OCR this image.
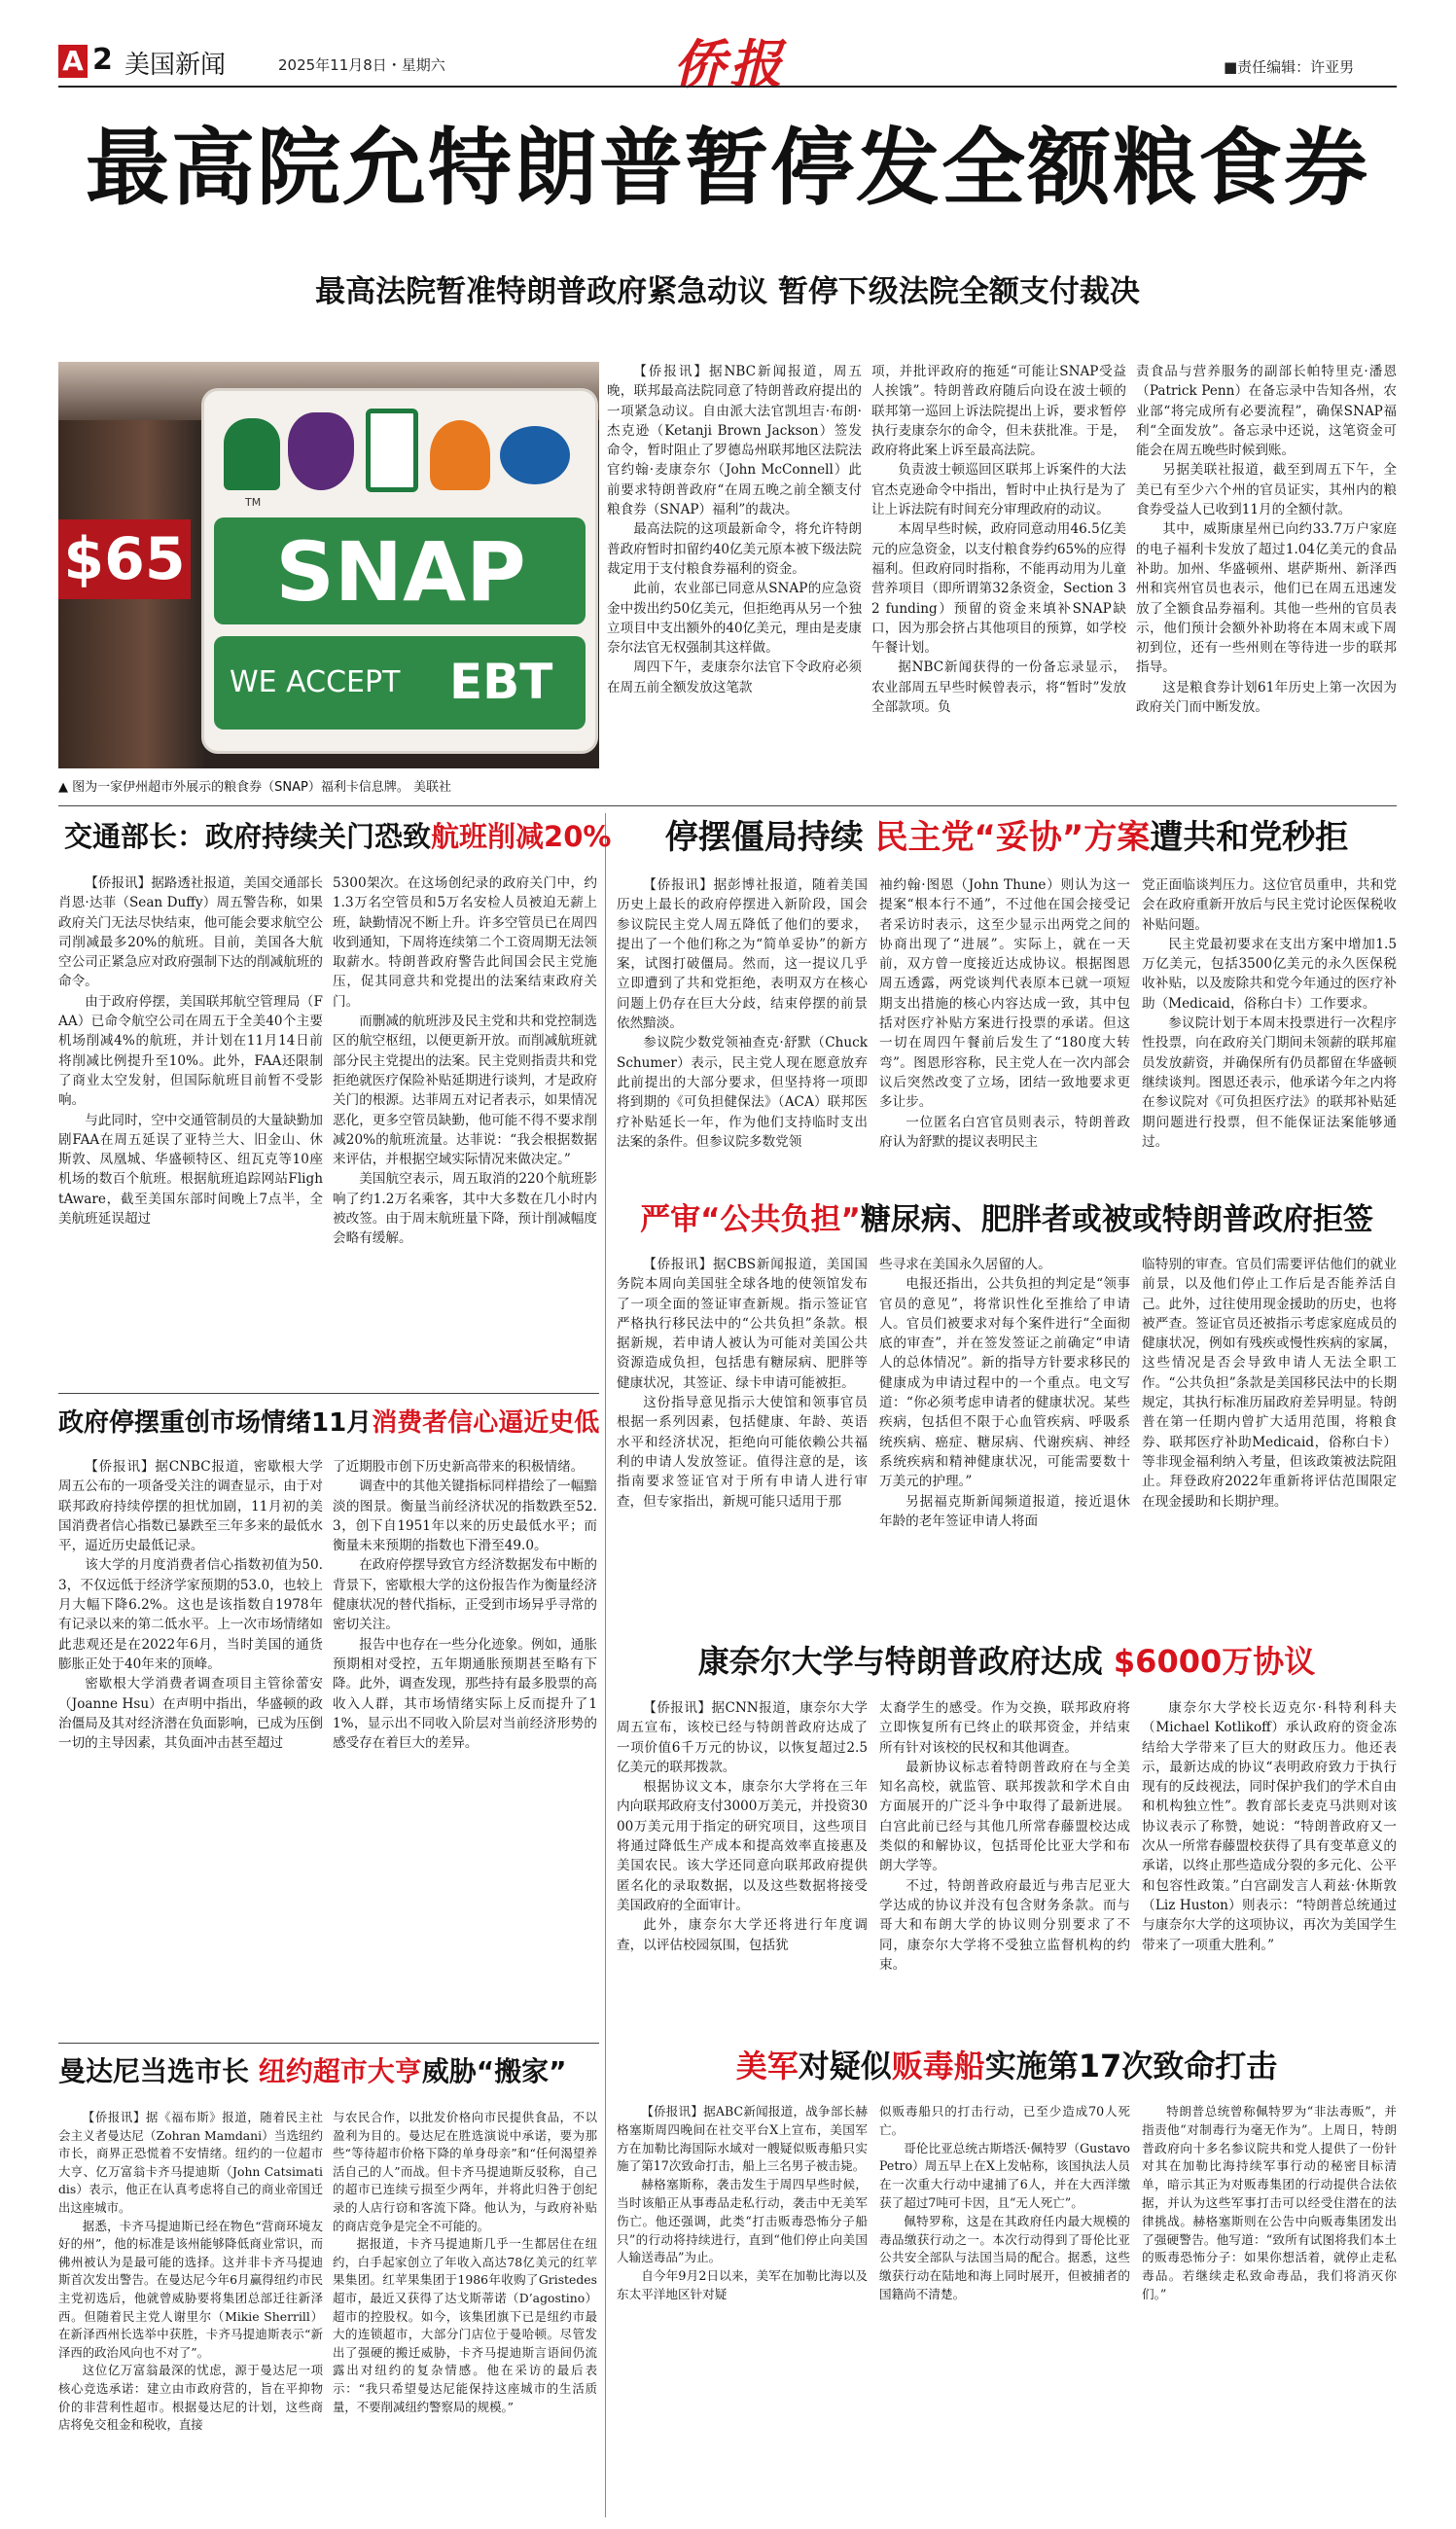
A 2 美国新闻	2025年11月8日・星期六	侨报	■责任编辑：许亚男
最高院允特朗普暂停发全额粮食券
最高法院暂准特朗普政府紧急动议 暂停下级法院全额支付裁决
$65
TM
SNAP
WE ACCEPT EBT
▲ 图为一家伊州超市外展示的粮食券（SNAP）福利卡信息牌。 美联社

【侨报讯】据NBC新闻报道，周五晚，联邦最高法院同意了特朗普政府提出的一项紧急动议。自由派大法官凯坦吉·布朗·杰克逊（Ketanji Brown Jackson）签发命令，暂时阻止了罗德岛州联邦地区法院法官约翰·麦康奈尔（John McConnell）此前要求特朗普政府“在周五晚之前全额支付粮食券（SNAP）福利”的裁决。

最高法院的这项最新命令，将允许特朗普政府暂时扣留约40亿美元原本被下级法院裁定用于支付粮食券福利的资金。

此前，农业部已同意从SNAP的应急资金中拨出约50亿美元，但拒绝再从另一个独立项目中支出额外的40亿美元，理由是麦康奈尔法官无权强制其这样做。

周四下午，麦康奈尔法官下令政府必须在周五前全额发放这笔款

项，并批评政府的拖延“可能让SNAP受益人挨饿”。特朗普政府随后向设在波士顿的联邦第一巡回上诉法院提出上诉，要求暂停执行麦康奈尔的命令，但未获批准。于是，政府将此案上诉至最高法院。

负责波士顿巡回区联邦上诉案件的大法官杰克逊命令中指出，暂时中止执行是为了让上诉法院有时间充分审理政府的动议。

本周早些时候，政府同意动用46.5亿美元的应急资金，以支付粮食券约65%的应得福利。但政府同时指称，不能再动用为儿童营养项目（即所谓第32条资金，Section 32 funding）预留的资金来填补SNAP缺口，因为那会挤占其他项目的预算，如学校午餐计划。

据NBC新闻获得的一份备忘录显示，农业部周五早些时候曾表示，将“暂时”发放全部款项。负

责食品与营养服务的副部长帕特里克·潘恩（Patrick Penn）在备忘录中告知各州，农业部“将完成所有必要流程”，确保SNAP福利“全面发放”。备忘录中还说，这笔资金可能会在周五晚些时候到账。

另据美联社报道，截至到周五下午，全美已有至少六个州的官员证实，其州内的粮食券受益人已收到11月的全额付款。

其中，威斯康星州已向约33.7万户家庭的电子福利卡发放了超过1.04亿美元的食品补助。加州、华盛顿州、堪萨斯州、新泽西州和宾州官员也表示，他们已在周五迅速发放了全额食品券福利。其他一些州的官员表示，他们预计会额外补助将在本周末或下周初到位，还有一些州则在等待进一步的联邦指导。

这是粮食券计划61年历史上第一次因为政府关门而中断发放。

交通部长：政府持续关门恐致航班削减20%

【侨报讯】据路透社报道，美国交通部长肖恩·达菲（Sean Duffy）周五警告称，如果政府关门无法尽快结束，他可能会要求航空公司削减最多20%的航班。目前，美国各大航空公司正紧急应对政府强制下达的削减航班的命令。

由于政府停摆，美国联邦航空管理局（FAA）已命令航空公司在周五于全美40个主要机场削减4%的航班，并计划在11月14日前将削减比例提升至10%。此外，FAA还限制了商业太空发射，但国际航班目前暂不受影响。

与此同时，空中交通管制员的大量缺勤加剧FAA在周五延误了亚特兰大、旧金山、休斯敦、凤凰城、华盛顿特区、纽瓦克等10座机场的数百个航班。根据航班追踪网站FlightAware，截至美国东部时间晚上7点半，全美航班延误超过

5300架次。在这场创纪录的政府关门中，约1.3万名空管员和5万名安检人员被迫无薪上班，缺勤情况不断上升。许多空管员已在周四收到通知，下周将连续第二个工资周期无法领取薪水。特朗普政府警告此间国会民主党施压，促其同意共和党提出的法案结束政府关门。

而删减的航班涉及民主党和共和党控制选区的航空枢纽，以便更新开放。而削减航班就部分民主党提出的法案。民主党则指责共和党拒绝就医疗保险补贴延期进行谈判，才是政府关门的根源。达菲周五对记者表示，如果情况恶化，更多空管员缺勤，他可能不得不要求削减20%的航班流量。达菲说：“我会根据数据来评估，并根据空域实际情况来做决定。”

美国航空表示，周五取消的220个航班影响了约1.2万名乘客，其中大多数在几小时内被改签。由于周末航班量下降，预计削减幅度会略有缓解。

政府停摆重创市场情绪11月消费者信心逼近史低

【侨报讯】据CNBC报道，密歇根大学周五公布的一项备受关注的调查显示，由于对联邦政府持续停摆的担忧加剧，11月初的美国消费者信心指数已暴跌至三年多来的最低水平，逼近历史最低记录。

该大学的月度消费者信心指数初值为50.3，不仅远低于经济学家预期的53.0，也较上月大幅下降6.2%。这也是该指数自1978年有记录以来的第二低水平。上一次市场情绪如此悲观还是在2022年6月，当时美国的通货膨胀正处于40年来的顶峰。

密歇根大学消费者调查项目主管徐蕾安（Joanne Hsu）在声明中指出，华盛顿的政治僵局及其对经济潜在负面影响，已成为压倒一切的主导因素，其负面冲击甚至超过

了近期股市创下历史新高带来的积极情绪。

调查中的其他关键指标同样措绘了一幅黯淡的图景。衡量当前经济状况的指数跌至52.3，创下自1951年以来的历史最低水平；而衡量未来预期的指数也下滑至49.0。

在政府停摆导致官方经济数据发布中断的背景下，密歇根大学的这份报告作为衡量经济健康状况的替代指标，正受到市场异乎寻常的密切关注。

报告中也存在一些分化迹象。例如，通胀预期相对受控，五年期通胀预期甚至略有下降。此外，调查发现，那些持有最多股票的高收入人群，其市场情绪实际上反而提升了11%，显示出不同收入阶层对当前经济形势的感受存在着巨大的差异。

曼达尼当选市长 纽约超市大亨威胁“搬家”

【侨报讯】据《福布斯》报道，随着民主社会主义者曼达尼（Zohran Mamdani）当选纽约市长，商界正恐慌着不安情绪。纽约的一位超市大亨、亿万富翁卡齐马提迪斯（John Catsimatidis）表示，他正在认真考虑将自己的商业帝国迁出这座城市。

据悉，卡齐马提迪斯已经在物色“营商环境友好的州”，他的标准是该州能够降低商业常识，而佛州被认为是最可能的选择。这并非卡齐马提迪斯首次发出警告。在曼达尼今年6月赢得纽约市民主党初选后，他就曾威胁要将集团总部迁往新泽西。但随着民主党人谢里尔（Mikie Sherrill）在新泽西州长选举中获胜，卡齐马提迪斯表示“新泽西的政治风向也不对了”。

这位亿万富翁最深的忧虑，源于曼达尼一项核心竞选承诺：建立由市政府营的，旨在平抑物价的非营利性超市。根据曼达尼的计划，这些商店将免交租金和税收，直接

与农民合作，以批发价格向市民提供食品，不以盈利为目的。曼达尼在胜选演说中承诺，要为那些“等待超市价格下降的单身母亲”和“任何渴望养活自己的人”而战。但卡齐马提迪斯反驳称，自己的超市已连续亏损至少两年，并将此归咎于创纪录的人店行窃和客流下降。他认为，与政府补贴的商店竞争是完全不可能的。

据报道，卡齐马提迪斯几乎一生都居住在纽约，白手起家创立了年收入高达78亿美元的红苹果集团。红苹果集团于1986年收购了Gristedes超市，最近又获得了达戈斯蒂诺（D’agostino）超市的控股权。如今，该集团旗下已是纽约市最大的连锁超市，大部分门店位于曼哈顿。尽管发出了强硬的搬迁威胁，卡齐马提迪斯言语间仍流露出对纽约的复杂情感。他在采访的最后表示：“我只希望曼达尼能保持这座城市的生活质量，不要削减纽约警察局的规模。”

停摆僵局持续 民主党“妥协”方案遭共和党秒拒

【侨报讯】据彭博社报道，随着美国历史上最长的政府停摆进入新阶段，国会参议院民主党人周五降低了他们的要求，提出了一个他们称之为“简单妥协”的新方案，试图打破僵局。然而，这一提议几乎立即遭到了共和党拒绝，表明双方在核心问题上仍存在巨大分歧，结束停摆的前景依然黯淡。

参议院少数党领袖查克·舒默（Chuck Schumer）表示，民主党人现在愿意放弃此前提出的大部分要求，但坚持将一项即将到期的《可负担健保法》（ACA）联邦医疗补贴延长一年，作为他们支持临时支出法案的条件。但参议院多数党领

袖约翰·图恩（John Thune）则认为这一提案“根本行不通”，不过他在国会接受记者采访时表示，这至少显示出两党之间的协商出现了“进展”。实际上，就在一天前，双方曾一度接近达成协议。根据图恩周五透露，两党谈判代表原本已就一项短期支出措施的核心内容达成一致，其中包括对医疗补贴方案进行投票的承诺。但这一切在周四午餐前后发生了“180度大转弯”。图恩形容称，民主党人在一次内部会议后突然改变了立场，团结一致地要求更多让步。

一位匿名白宫官员则表示，特朗普政府认为舒默的提议表明民主

党正面临谈判压力。这位官员重申，共和党会在政府重新开放后与民主党讨论医保税收补贴问题。

民主党最初要求在支出方案中增加1.5万亿美元，包括3500亿美元的永久医保税收补贴，以及废除共和党今年通过的医疗补助（Medicaid，俗称白卡）工作要求。

参议院计划于本周末投票进行一次程序性投票，向在政府关门期间未领薪的联邦雇员发放薪资，并确保所有仍员都留在华盛顿继续谈判。图恩还表示，他承诺今年之内将在参议院对《可负担医疗法》的联邦补贴延期问题进行投票，但不能保证法案能够通过。

严审“公共负担”糖尿病、肥胖者或被或特朗普政府拒签

【侨报讯】据CBS新闻报道，美国国务院本周向美国驻全球各地的使领馆发布了一项全面的签证审查新规。指示签证官严格执行移民法中的“公共负担”条款。根据新规，若申请人被认为可能对美国公共资源造成负担，包括患有糖尿病、肥胖等健康状况，其签证、绿卡申请可能被拒。

这份指导意见指示大使馆和领事官员根据一系列因素，包括健康、年龄、英语水平和经济状况，拒绝向可能依赖公共福利的申请人发放签证。值得注意的是，该指南要求签证官对于所有申请人进行审查，但专家指出，新规可能只适用于那

些寻求在美国永久居留的人。

电报还指出，公共负担的判定是“领事官员的意见”，将常识性化至推给了申请人。官员们被要求对每个案件进行“全面彻底的审查”，并在签发签证之前确定“申请人的总体情况”。新的指导方针要求移民的健康成为申请过程中的一个重点。电文写道：“你必须考虑申请者的健康状况。某些疾病，包括但不限于心血管疾病、呼吸系统疾病、癌症、糖尿病、代谢疾病、神经系统疾病和精神健康状况，可能需要数十万美元的护理。”

另据福克斯新闻频道报道，接近退休年龄的老年签证申请人将面

临特别的审查。官员们需要评估他们的就业前景，以及他们停止工作后是否能养活自己。此外，过往使用现金援助的历史，也将被严查。签证官员还被指示考虑家庭成员的健康状况，例如有残疾或慢性疾病的家属，这些情况是否会导致申请人无法全职工作。“公共负担”条款是美国移民法中的长期规定，其执行标准历届政府差异明显。特朗普在第一任期内曾扩大适用范围，将粮食券、联邦医疗补助Medicaid，俗称白卡）等非现金福利纳入考量，但该政策被法院阻止。拜登政府2022年重新将评估范围限定在现金援助和长期护理。

康奈尔大学与特朗普政府达成 $6000万协议

【侨报讯】据CNN报道，康奈尔大学周五宣布，该校已经与特朗普政府达成了一项价值6千万元的协议，以恢复超过2.5亿美元的联邦拨款。

根据协议文本，康奈尔大学将在三年内向联邦政府支付3000万美元，并投资3000万美元用于指定的研究项目，这些项目将通过降低生产成本和提高效率直接惠及美国农民。该大学还同意向联邦政府提供匿名化的录取数据，以及这些数据将接受美国政府的全面审计。

此外，康奈尔大学还将进行年度调查，以评估校园氛围，包括犹

太裔学生的感受。作为交换，联邦政府将立即恢复所有已终止的联邦资金，并结束所有针对该校的民权和其他调查。

最新协议标志着特朗普政府在与全美知名高校，就监管、联邦拨款和学术自由方面展开的广泛斗争中取得了最新进展。白宫此前已经与其他几所常春藤盟校达成类似的和解协议，包括哥伦比亚大学和布朗大学等。

不过，特朗普政府最近与弗吉尼亚大学达成的协议并没有包含财务条款。而与哥大和布朗大学的协议则分别要求了不同，康奈尔大学将不受独立监督机构的约束。

康奈尔大学校长迈克尔·科特利科夫（Michael Kotlikoff）承认政府的资金冻结给大学带来了巨大的财政压力。他还表示，最新达成的协议“表明政府致力于执行现有的反歧视法，同时保护我们的学术自由和机构独立性”。教育部长麦克马洪则对该协议表示了称赞，她说：“特朗普政府又一次从一所常春藤盟校获得了具有变革意义的承诺，以终止那些造成分裂的多元化、公平和包容性政策。”白宫副发言人莉兹·休斯敦（Liz Huston）则表示：“特朗普总统通过与康奈尔大学的这项协议，再次为美国学生带来了一项重大胜利。”

美军对疑似贩毒船实施第17次致命打击

【侨报讯】据ABC新闻报道，战争部长赫格塞斯周四晚间在社交平台X上宣布，美国军方在加勒比海国际水域对一艘疑似贩毒船只实施了第17次致命打击，船上三名男子被击毙。

赫格塞斯称，袭击发生于周四早些时候，当时该船正从事毒品走私行动，袭击中无美军伤亡。他还强调，此类“打击贩毒恐怖分子船只”的行动将持续进行，直到“他们停止向美国人输送毒品”为止。

自今年9月2日以来，美军在加勒比海以及东太平洋地区针对疑

似贩毒船只的打击行动，已至少造成70人死亡。

哥伦比亚总统古斯塔沃·佩特罗（Gustavo Petro）周五早上在X上发帖称，该国执法人员在一次重大行动中逮捕了6人，并在大西洋缴获了超过7吨可卡因，且“无人死亡”。

佩特罗称，这是在其政府任内最大规模的毒品缴获行动之一。本次行动得到了哥伦比亚公共安全部队与法国当局的配合。据悉，这些缴获行动在陆地和海上同时展开，但被捕者的国籍尚不清楚。

特朗普总统曾称佩特罗为“非法毒贩”，并指责他“对制毒行为毫无作为”。上周日，特朗普政府向十多名参议院共和党人提供了一份针对其在加勒比海持续军事行动的秘密目标清单，暗示其正为对贩毒集团的行动提供合法依据，并认为这些军事打击可以经受住潜在的法律挑战。赫格塞斯则在公告中向贩毒集团发出了强硬警告。他写道：“致所有试图将我们本土的贩毒恐怖分子：如果你想活着，就停止走私毒品。若继续走私致命毒品，我们将消灭你们。”
